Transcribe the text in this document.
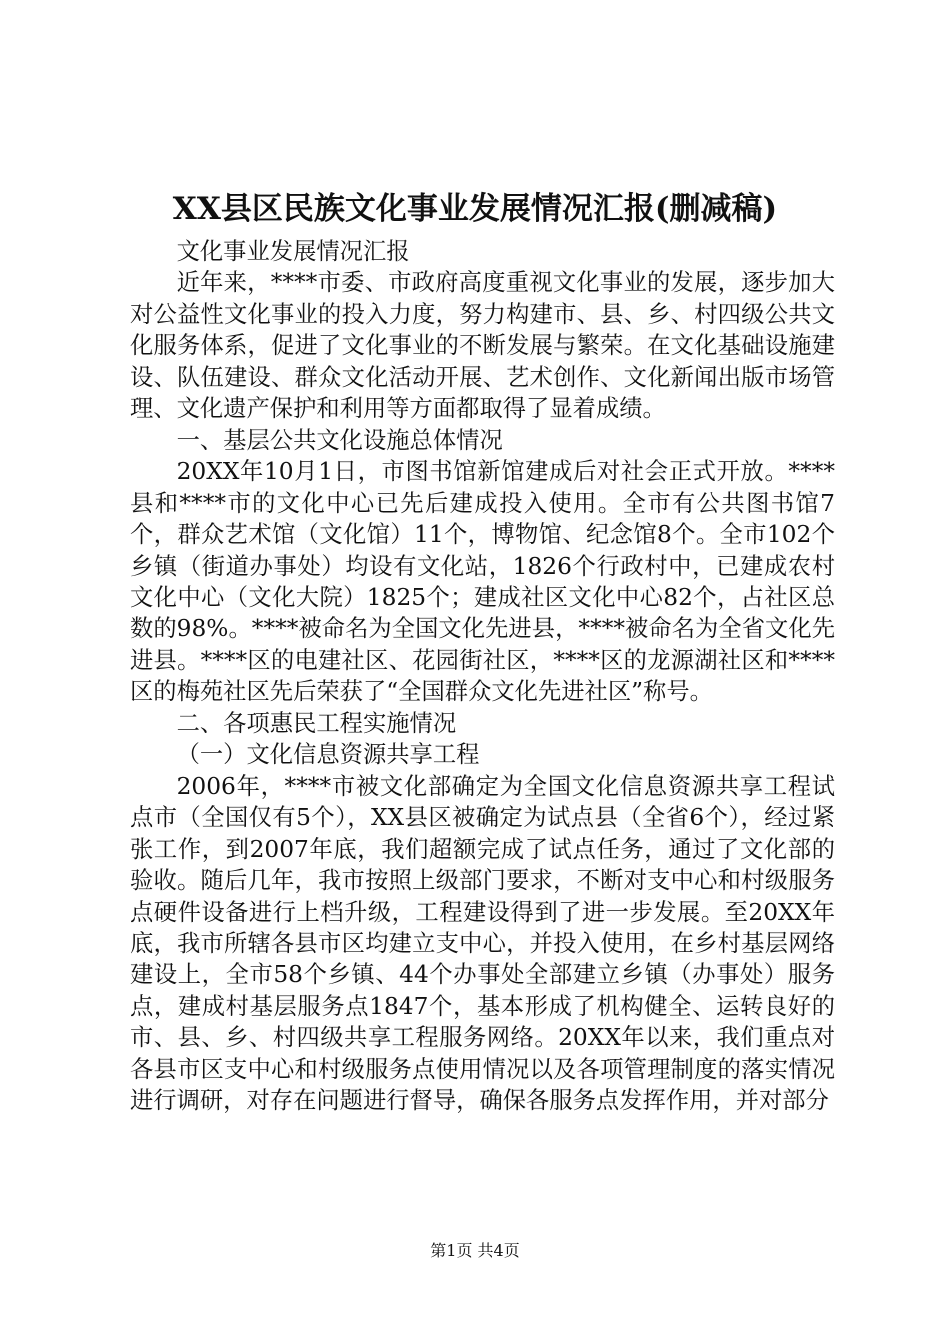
XX县区民族文化事业发展情况汇报(删减稿)

文化事业发展情况汇报

近年来，****市委、市政府高度重视文化事业的发展，逐步加大对公益性文化事业的投入力度，努力构建市、县、乡、村四级公共文化服务体系，促进了文化事业的不断发展与繁荣。在文化基础设施建设、队伍建设、群众文化活动开展、艺术创作、文化新闻出版市场管理、文化遗产保护和利用等方面都取得了显着成绩。

一、基层公共文化设施总体情况

20XX年10月1日，市图书馆新馆建成后对社会正式开放。****县和****市的文化中心已先后建成投入使用。全市有公共图书馆7个，群众艺术馆（文化馆）11个，博物馆、纪念馆8个。全市102个乡镇（街道办事处）均设有文化站，1826个行政村中，已建成农村文化中心（文化大院）1825个；建成社区文化中心82个，占社区总数的98%。****被命名为全国文化先进县，****被命名为全省文化先进县。****区的电建社区、花园街社区，****区的龙源湖社区和****区的梅苑社区先后荣获了“全国群众文化先进社区”称号。

二、各项惠民工程实施情况

（一）文化信息资源共享工程

2006年，****市被文化部确定为全国文化信息资源共享工程试点市（全国仅有5个），XX县区被确定为试点县（全省6个），经过紧张工作，到2007年底，我们超额完成了试点任务，通过了文化部的验收。随后几年，我市按照上级部门要求，不断对支中心和村级服务点硬件设备进行上档升级，工程建设得到了进一步发展。至20XX年底，我市所辖各县市区均建立支中心，并投入使用，在乡村基层网络建设上，全市58个乡镇、44个办事处全部建立乡镇（办事处）服务点，建成村基层服务点1847个，基本形成了机构健全、运转良好的市、县、乡、村四级共享工程服务网络。20XX年以来，我们重点对各县市区支中心和村级服务点使用情况以及各项管理制度的落实情况进行调研，对存在问题进行督导，确保各服务点发挥作用，并对部分

第1页 共4页
